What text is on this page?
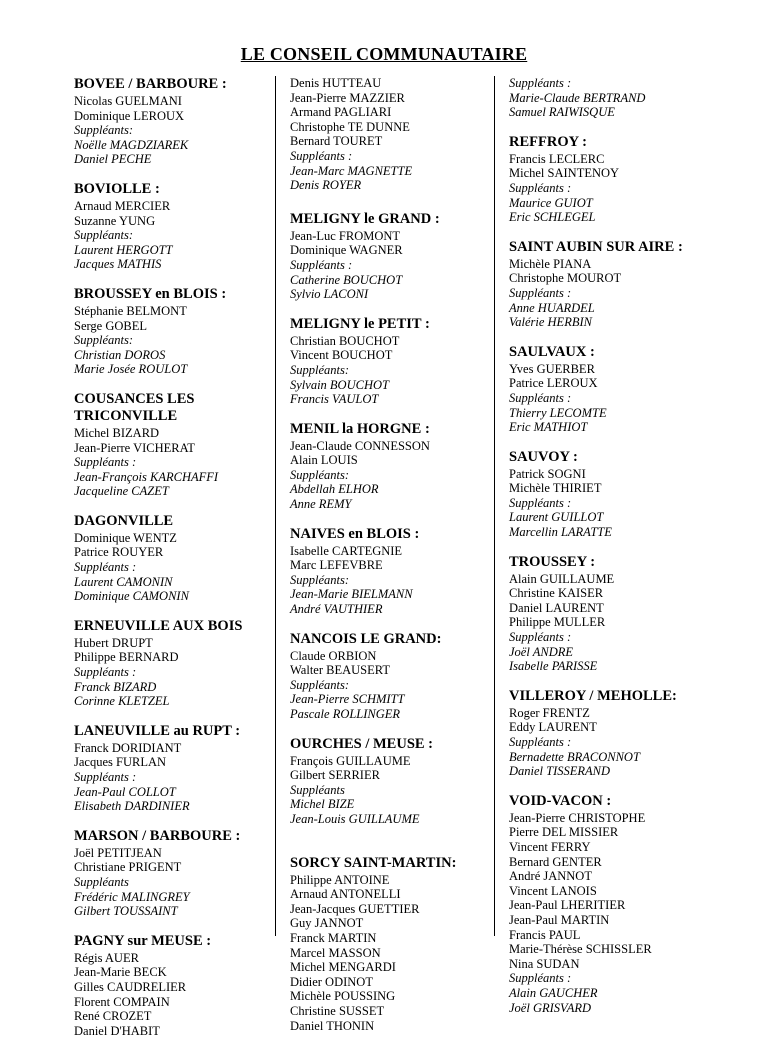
LE CONSEIL COMMUNAUTAIRE
BOVEE / BARBOURE :
Nicolas GUELMANI
Dominique LEROUX
Suppléants:
Noëlle MAGDZIAREK
Daniel PECHE
BOVIOLLE :
Arnaud MERCIER
Suzanne YUNG
Suppléants:
Laurent HERGOTT
Jacques MATHIS
BROUSSEY en BLOIS :
Stéphanie BELMONT
Serge GOBEL
Suppléants:
Christian DOROS
Marie Josée ROULOT
COUSANCES LES TRICONVILLE
Michel BIZARD
Jean-Pierre VICHERAT
Suppléants :
Jean-François KARCHAFFI
Jacqueline CAZET
DAGONVILLE
Dominique WENTZ
Patrice ROUYER
Suppléants :
Laurent CAMONIN
Dominique CAMONIN
ERNEUVILLE AUX BOIS
Hubert DRUPT
Philippe BERNARD
Suppléants :
Franck BIZARD
Corinne KLETZEL
LANEUVILLE au RUPT :
Franck DORIDIANT
Jacques FURLAN
Suppléants :
Jean-Paul COLLOT
Elisabeth DARDINIER
MARSON / BARBOURE :
Joël PETITJEAN
Christiane PRIGENT
Suppléants
Frédéric MALINGREY
Gilbert TOUSSAINT
PAGNY sur MEUSE :
Régis AUER
Jean-Marie BECK
Gilles CAUDRELIER
Florent COMPAIN
René CROZET
Daniel D'HABIT
Denis HUTTEAU
Jean-Pierre MAZZIER
Armand PAGLIARI
Christophe TE DUNNE
Bernard TOURET
Suppléants :
Jean-Marc MAGNETTE
Denis ROYER
MELIGNY le GRAND :
Jean-Luc FROMONT
Dominique WAGNER
Suppléants :
Catherine BOUCHOT
Sylvio LACONI
MELIGNY le PETIT :
Christian BOUCHOT
Vincent BOUCHOT
Suppléants:
Sylvain BOUCHOT
Francis VAULOT
MENIL la HORGNE :
Jean-Claude CONNESSON
Alain LOUIS
Suppléants:
Abdellah ELHOR
Anne REMY
NAIVES en BLOIS :
Isabelle CARTEGNIE
Marc LEFEVBRE
Suppléants:
Jean-Marie BIELMANN
André VAUTHIER
NANCOIS LE GRAND:
Claude ORBION
Walter BEAUSERT
Suppléants:
Jean-Pierre SCHMITT
Pascale ROLLINGER
OURCHES / MEUSE :
François GUILLAUME
Gilbert SERRIER
Suppléants
Michel BIZE
Jean-Louis GUILLAUME
SORCY SAINT-MARTIN:
Philippe ANTOINE
Arnaud ANTONELLI
Jean-Jacques GUETTIER
Guy JANNOT
Franck MARTIN
Marcel MASSON
Michel MENGARDI
Didier ODINOT
Michèle POUSSING
Christine SUSSET
Daniel THONIN
Suppléants :
Marie-Claude BERTRAND
Samuel RAIWISQUE
REFFROY :
Francis LECLERC
Michel SAINTENOY
Suppléants :
Maurice GUIOT
Eric SCHLEGEL
SAINT AUBIN SUR AIRE :
Michèle PIANA
Christophe MOUROT
Suppléants :
Anne HUARDEL
Valérie HERBIN
SAULVAUX :
Yves GUERBER
Patrice LEROUX
Suppléants :
Thierry LECOMTE
Eric MATHIOT
SAUVOY :
Patrick SOGNI
Michèle THIRIET
Suppléants :
Laurent GUILLOT
Marcellin LARATTE
TROUSSEY :
Alain GUILLAUME
Christine KAISER
Daniel LAURENT
Philippe MULLER
Suppléants :
Joël ANDRE
Isabelle PARISSE
VILLEROY / MEHOLLE:
Roger FRENTZ
Eddy LAURENT
Suppléants :
Bernadette BRACONNOT
Daniel TISSERAND
VOID-VACON :
Jean-Pierre CHRISTOPHE
Pierre DEL MISSIER
Vincent FERRY
Bernard GENTER
André JANNOT
Vincent LANOIS
Jean-Paul LHERITIER
Jean-Paul MARTIN
Francis PAUL
Marie-Thérèse SCHISSLER
Nina SUDAN
Suppléants :
Alain GAUCHER
Joël GRISVARD
